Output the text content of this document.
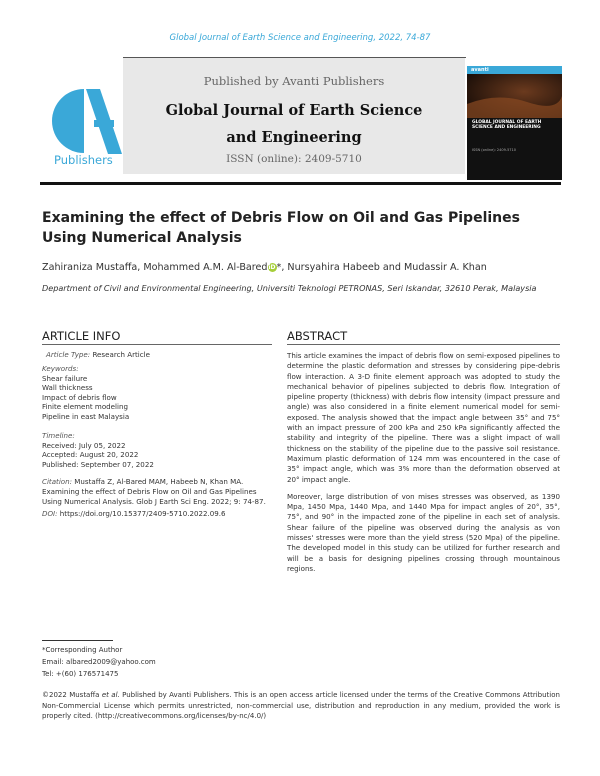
Global Journal of Earth Science and Engineering, 2022, 74-87
Publishers
Published by Avanti Publishers
Global Journal of Earth Science
and Engineering
ISSN (online): 2409-5710
avanti
GLOBAL JOURNAL OF EARTH SCIENCE AND ENGINEERING
ISSN (online): 2409-5710
Examining the effect of Debris Flow on Oil and Gas Pipelines Using Numerical Analysis
Zahiraniza Mustaffa, Mohammed A.M. Al-BarediD*, Nursyahira Habeeb and Mudassir A. Khan
Department of Civil and Environmental Engineering, Universiti Teknologi PETRONAS, Seri Iskandar, 32610 Perak, Malaysia
ARTICLE INFO	ABSTRACT
Article Type: Research Article
Keywords:
Shear failure
Wall thickness
Impact of debris flow
Finite element modeling
Pipeline in east Malaysia
Timeline:
Received: July 05, 2022
Accepted: August 20, 2022
Published: September 07, 2022
Citation: Mustaffa Z, Al-Bared MAM, Habeeb N, Khan MA. Examining the effect of Debris Flow on Oil and Gas Pipelines Using Numerical Analysis. Glob J Earth Sci Eng. 2022; 9: 74-87.
DOI: https://doi.org/10.15377/2409-5710.2022.09.6

This article examines the impact of debris flow on semi-exposed pipelines to determine the plastic deformation and stresses by considering pipe-debris flow interaction. A 3-D finite element approach was adopted to study the mechanical behavior of pipelines subjected to debris flow. Integration of pipeline property (thickness) with debris flow intensity (impact pressure and angle) was also considered in a finite element numerical model for semi-exposed. The analysis showed that the impact angle between 35° and 75° with an impact pressure of 200 kPa and 250 kPa significantly affected the stability and integrity of the pipeline. There was a slight impact of wall thickness on the stability of the pipeline due to the passive soil resistance. Maximum plastic deformation of 124 mm was encountered in the case of 35° impact angle, which was 3% more than the deformation observed at 20° impact angle.

Moreover, large distribution of von mises stresses was observed, as 1390 Mpa, 1450 Mpa, 1440 Mpa, and 1440 Mpa for impact angles of 20°, 35°, 75°, and 90° in the impacted zone of the pipeline in each set of analysis. Shear failure of the pipeline was observed during the analysis as von misses' stresses were more than the yield stress (520 Mpa) of the pipeline. The developed model in this study can be utilized for further research and will be a basis for designing pipelines crossing through mountainous regions.

*Corresponding Author
Email: albared2009@yahoo.com
Tel: +(60) 176571475
©2022 Mustaffa et al. Published by Avanti Publishers. This is an open access article licensed under the terms of the Creative Commons Attribution Non-Commercial License which permits unrestricted, non-commercial use, distribution and reproduction in any medium, provided the work is properly cited. (http://creativecommons.org/licenses/by-nc/4.0/)
